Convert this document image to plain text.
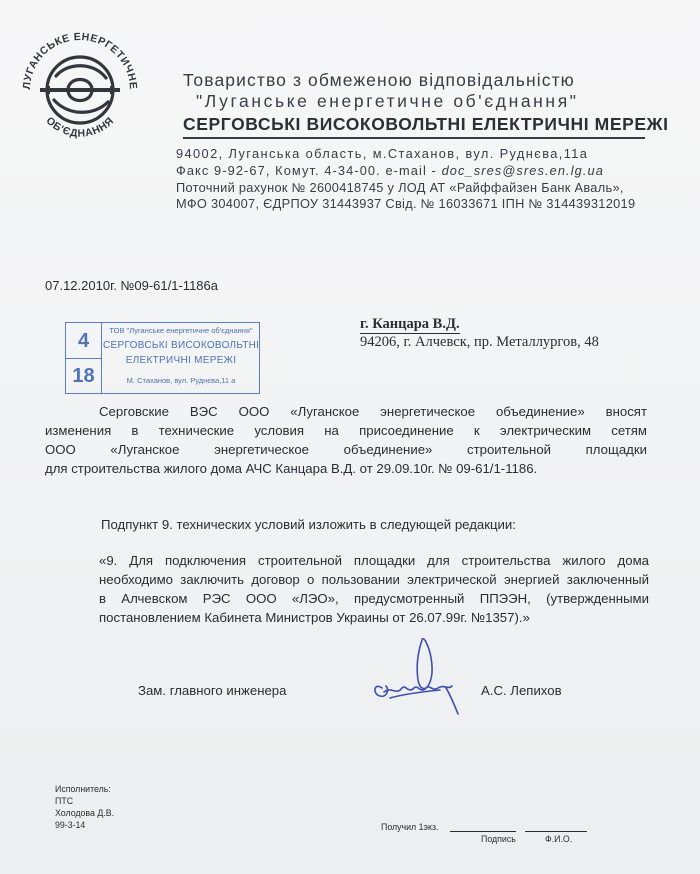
ЛУГАНСЬКЕ ЕНЕРГЕТИЧНЕ
ОБ'ЄДНАННЯ
Товариство з обмеженою відповідальністю
"Луганське енергетичне об'єднання"
СЕРГОВСЬКІ ВИСОКОВОЛЬТНІ ЕЛЕКТРИЧНІ МЕРЕЖІ
94002, Луганська область, м.Стаханов, вул. Руднєва,11а
Факс 9-92-67, Комут. 4-34-00. e-mail - doc_sres@sres.en.lg.ua
Поточний рахунок № 2600418745 у ЛОД АТ «Райффайзен Банк Аваль»,
МФО 304007, ЄДРПОУ 31443937 Свід. № 16033671 ІПН № 314439312019
07.12.2010г. №09-61/1-1186а
4
18
ТОВ "Луганське енергетичне об'єднання"
СЕРГОВСЬКІ ВИСОКОВОЛЬТНІ
ЕЛЕКТРИЧНІ МЕРЕЖІ
М. Стаханов, вул. Руднєва,11 а
г. Канцара В.Д.
94206, г. Алчевск, пр. Металлургов, 48
Серговские ВЭС ООО «Луганское энергетическое объединение» вносят
изменения в технические условия на присоединение к электрическим сетям
ООО «Луганское энергетическое объединение» строительной площадки
для строительства жилого дома АЧС Канцара В.Д. от 29.09.10г. № 09-61/1-1186.
Подпункт 9. технических условий изложить в следующей редакции:
«9. Для подключения строительной площадки для строительства жилого дома
необходимо заключить договор о пользовании электрической энергией заключенный
в Алчевском РЭС ООО «ЛЭО», предусмотренный ППЭЭН, (утвержденными
постановлением Кабинета Министров Украины от 26.07.99г. №1357).»
Зам. главного инженера	А.С. Лепихов
Исполнитель:
ПТС
Холодова Д.В.
99-3-14	Получил 1экз.
Подпись	Ф.И.О.
